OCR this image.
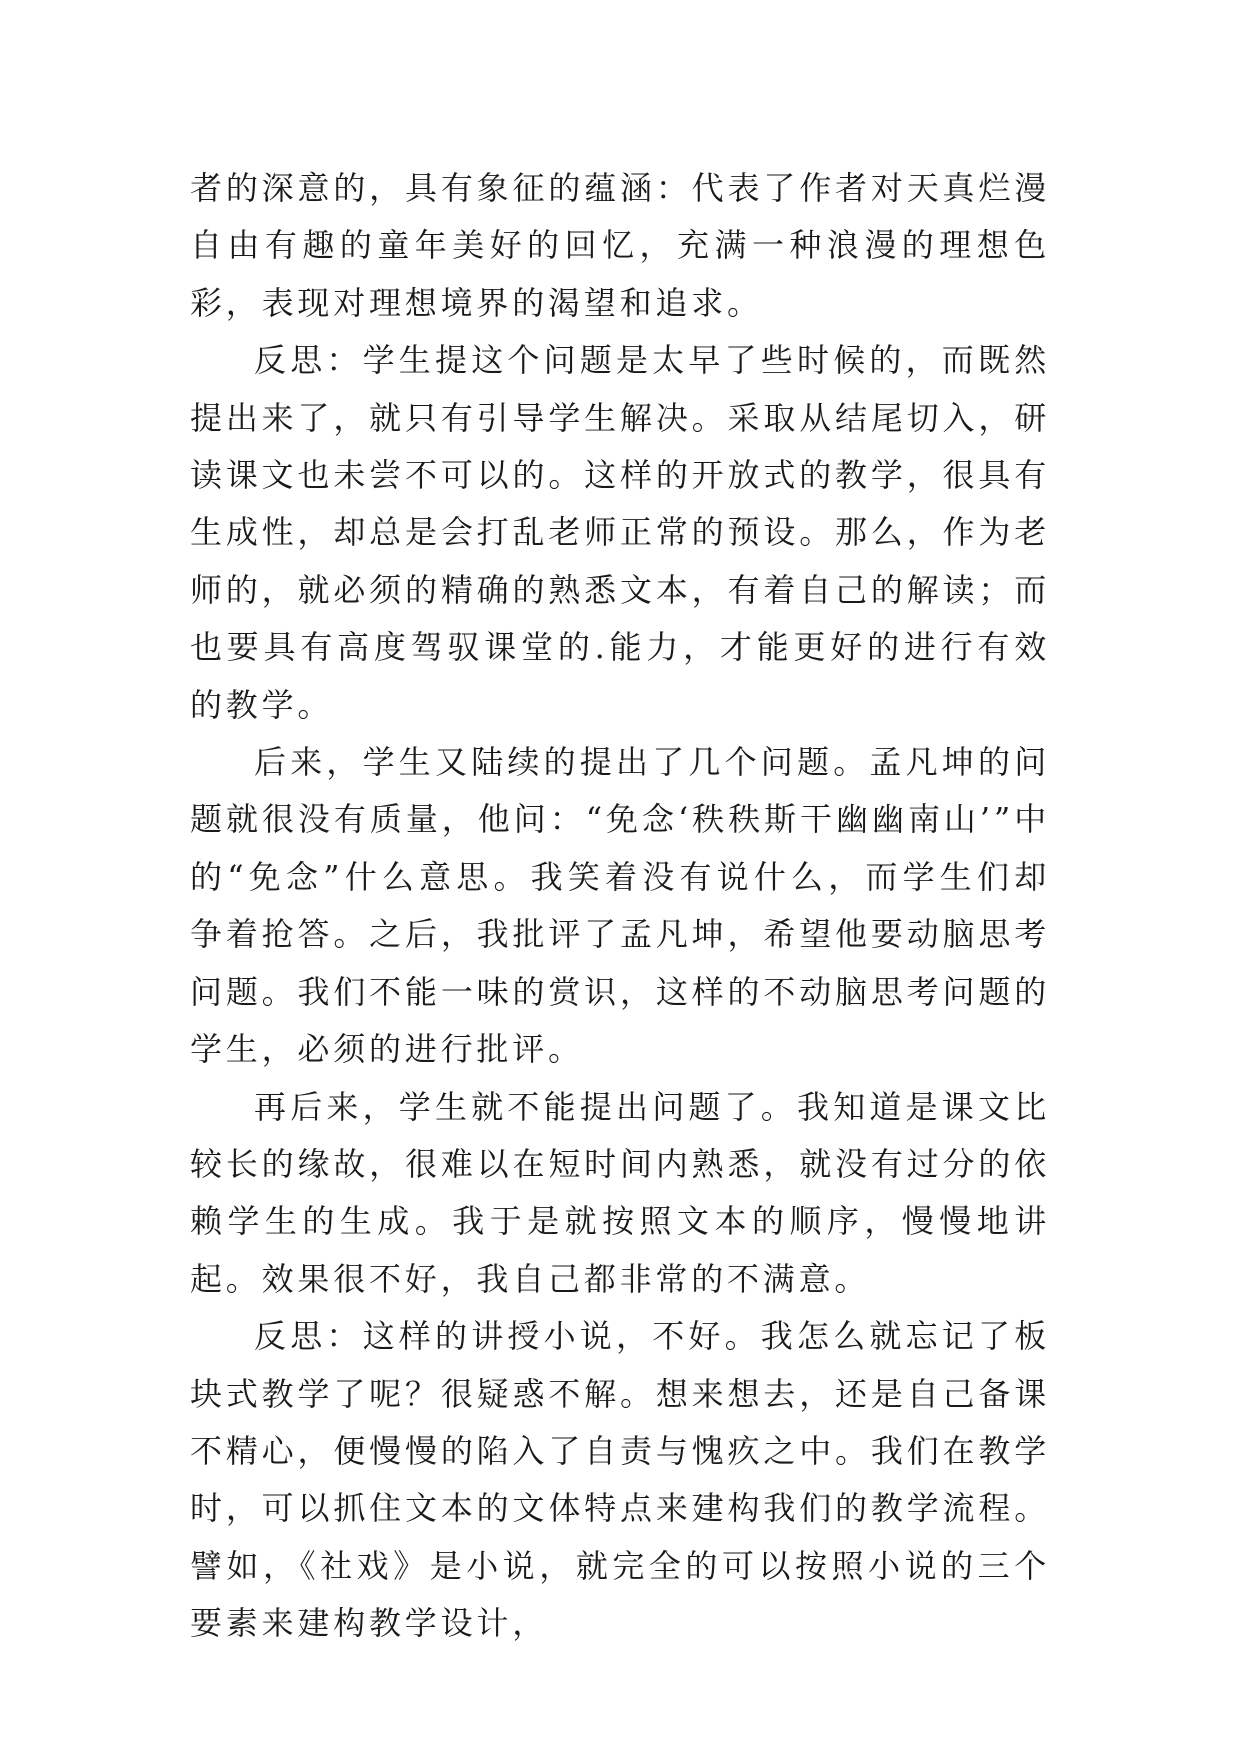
者的深意的，具有象征的蕴涵：代表了作者对天真烂漫自由有趣的童年美好的回忆，充满一种浪漫的理想色彩，表现对理想境界的渴望和追求。

反思：学生提这个问题是太早了些时候的，而既然提出来了，就只有引导学生解决。采取从结尾切入，研读课文也未尝不可以的。这样的开放式的教学，很具有生成性，却总是会打乱老师正常的预设。那么，作为老师的，就必须的精确的熟悉文本，有着自己的解读；而也要具有高度驾驭课堂的.能力，才能更好的进行有效的教学。

后来，学生又陆续的提出了几个问题。孟凡坤的问题就很没有质量，他问：“免念‘秩秩斯干幽幽南山’”中的“免念”什么意思。我笑着没有说什么，而学生们却争着抢答。之后，我批评了孟凡坤，希望他要动脑思考问题。我们不能一味的赏识，这样的不动脑思考问题的学生，必须的进行批评。

再后来，学生就不能提出问题了。我知道是课文比较长的缘故，很难以在短时间内熟悉，就没有过分的依赖学生的生成。我于是就按照文本的顺序，慢慢地讲起。效果很不好，我自己都非常的不满意。

反思：这样的讲授小说，不好。我怎么就忘记了板块式教学了呢？很疑惑不解。想来想去，还是自己备课不精心，便慢慢的陷入了自责与愧疚之中。我们在教学时，可以抓住文本的文体特点来建构我们的教学流程。譬如，《社戏》是小说，就完全的可以按照小说的三个要素来建构教学设计，
